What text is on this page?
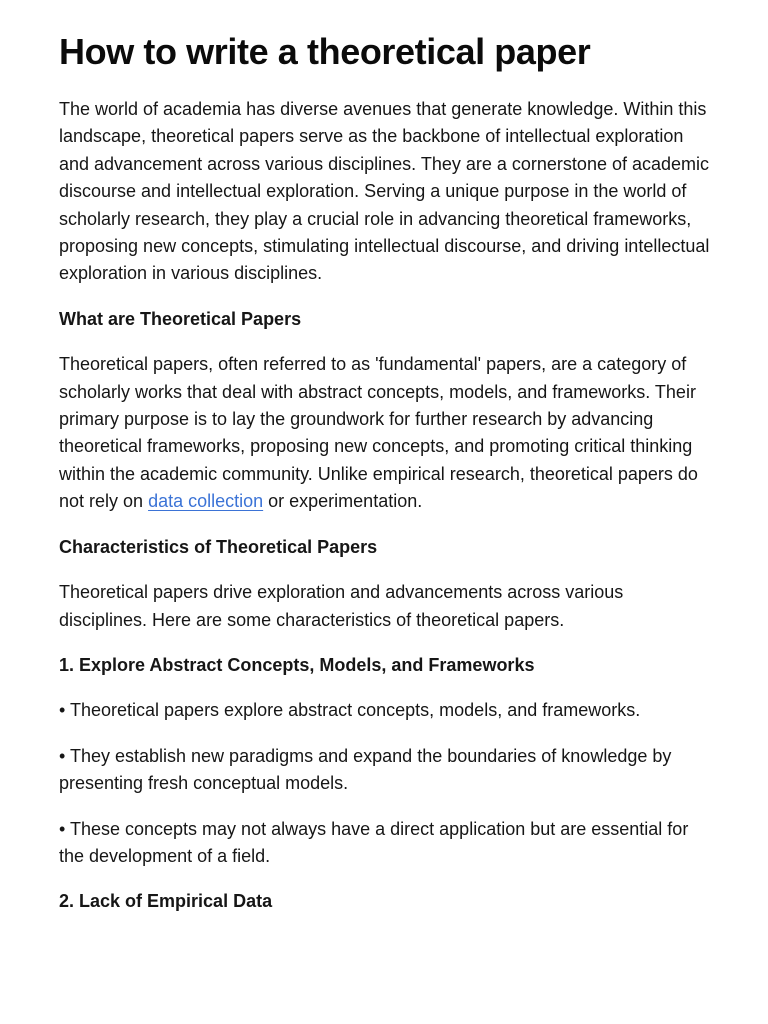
How to write a theoretical paper

The world of academia has diverse avenues that generate knowledge. Within this landscape, theoretical papers serve as the backbone of intellectual exploration and advancement across various disciplines. They are a cornerstone of academic discourse and intellectual exploration. Serving a unique purpose in the world of scholarly research, they play a crucial role in advancing theoretical frameworks, proposing new concepts, stimulating intellectual discourse, and driving intellectual exploration in various disciplines.

What are Theoretical Papers

Theoretical papers, often referred to as 'fundamental' papers, are a category of scholarly works that deal with abstract concepts, models, and frameworks. Their primary purpose is to lay the groundwork for further research by advancing theoretical frameworks, proposing new concepts, and promoting critical thinking within the academic community. Unlike empirical research, theoretical papers do not rely on data collection or experimentation.

Characteristics of Theoretical Papers

Theoretical papers drive exploration and advancements across various disciplines. Here are some characteristics of theoretical papers.

1. Explore Abstract Concepts, Models, and Frameworks

• Theoretical papers explore abstract concepts, models, and frameworks.

• They establish new paradigms and expand the boundaries of knowledge by presenting fresh conceptual models.

• These concepts may not always have a direct application but are essential for the development of a field.

2. Lack of Empirical Data
